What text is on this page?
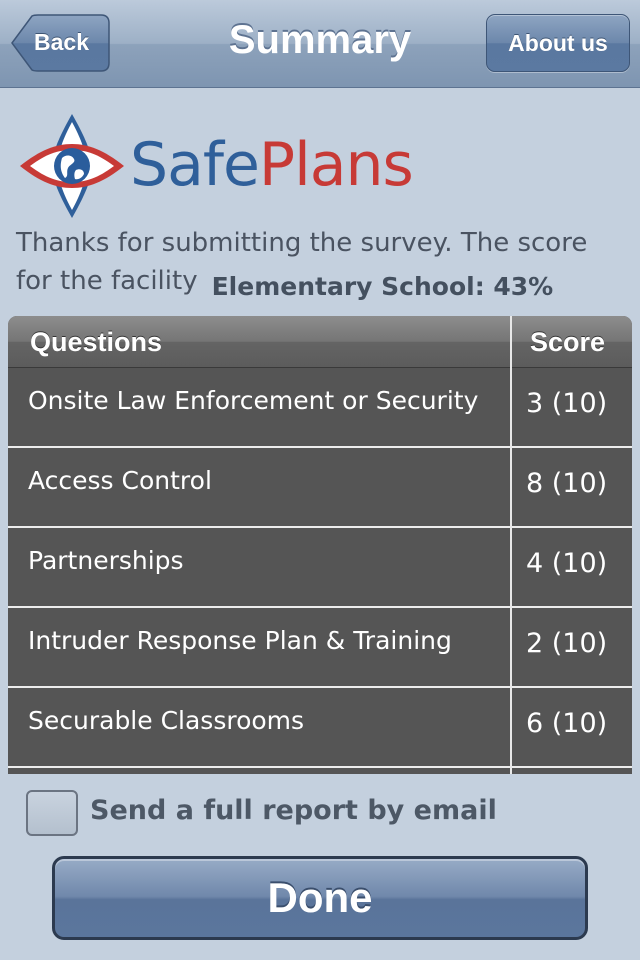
Back	Summary	About us
SafePlans
Thanks for submitting the survey. The score
for the facility Elementary School: 43%
Questions	Score
Onsite Law Enforcement or Security 3 (10)
Access Control	8 (10)
Partnerships	4 (10)
Intruder Response Plan & Training	2 (10)
Securable Classrooms	6 (10)
Send a full report by email
Done
